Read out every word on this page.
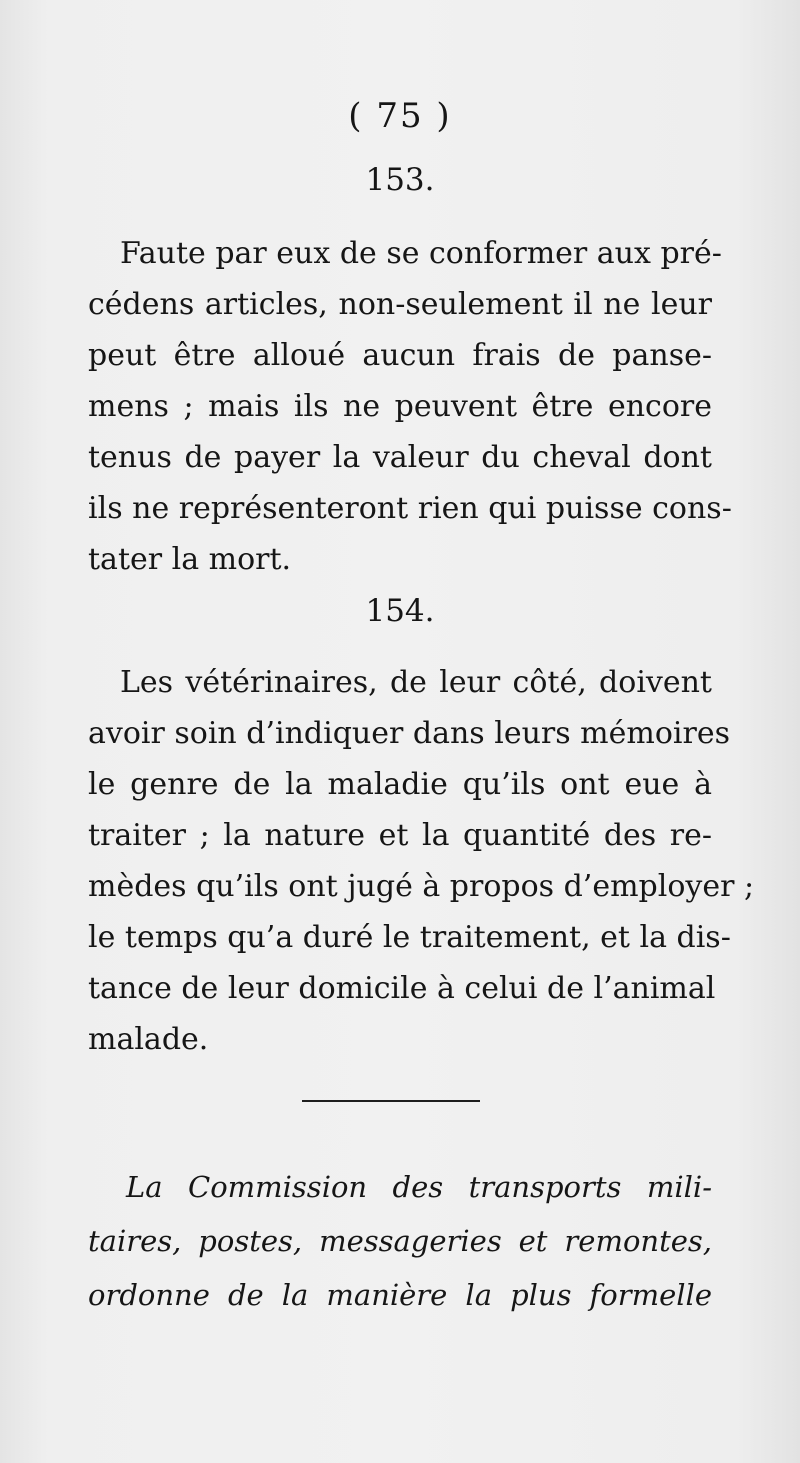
( 75 )
153.
Faute par eux de se conformer aux pré-
cédens articles, non-seulement il ne leur
peut être alloué aucun frais de panse-
mens ; mais ils ne peuvent être encore
tenus de payer la valeur du cheval dont
ils ne représenteront rien qui puisse cons-
tater la mort.
154.
Les vétérinaires, de leur côté, doivent
avoir soin d’indiquer dans leurs mémoires
le genre de la maladie qu’ils ont eue à
traiter ; la nature et la quantité des re-
mèdes qu’ils ont jugé à propos d’employer ;
le temps qu’a duré le traitement, et la dis-
tance de leur domicile à celui de l’animal
malade.
La Commission des transports mili-
taires, postes, messageries et remontes,
ordonne de la manière la plus formelle
